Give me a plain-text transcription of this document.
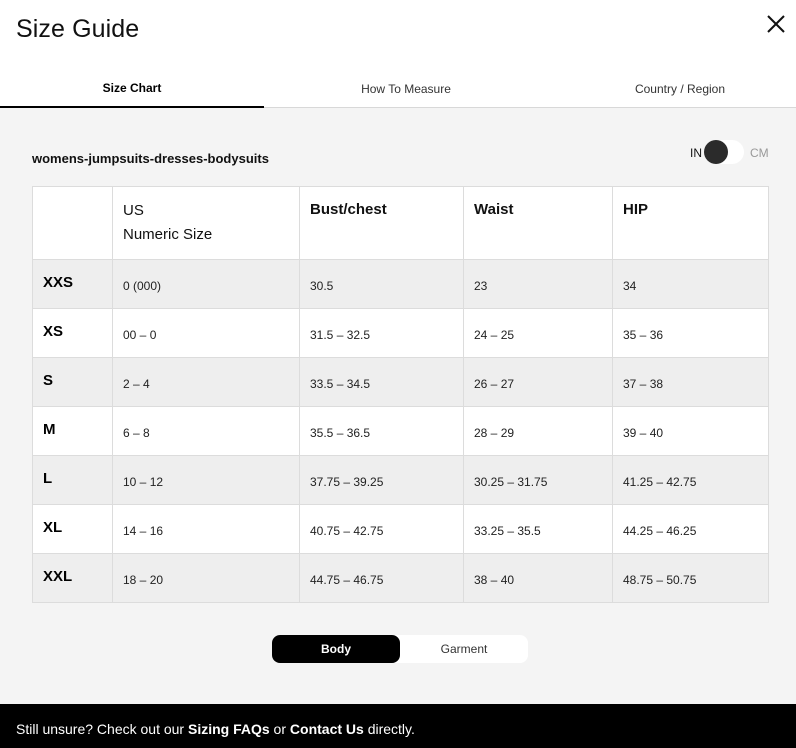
Size Guide
Size Chart	How To Measure	Country / Region
womens-jumpsuits-dresses-bodysuits	IN	CM

	US
Numeric Size	Bust/chest	Waist	HIP
XXS	0 (000)	30.5	23	34
XS	00 – 0	31.5 – 32.5	24 – 25	35 – 36
S	2 – 4	33.5 – 34.5	26 – 27	37 – 38
M	6 – 8	35.5 – 36.5	28 – 29	39 – 40
L	10 – 12	37.75 – 39.25	30.25 – 31.75	41.25 – 42.75
XL	14 – 16	40.75 – 42.75	33.25 – 35.5	44.25 – 46.25
XXL	18 – 20	44.75 – 46.75	38 – 40	48.75 – 50.75
Body	Garment
Still unsure? Check out our Sizing FAQs or Contact Us directly.
